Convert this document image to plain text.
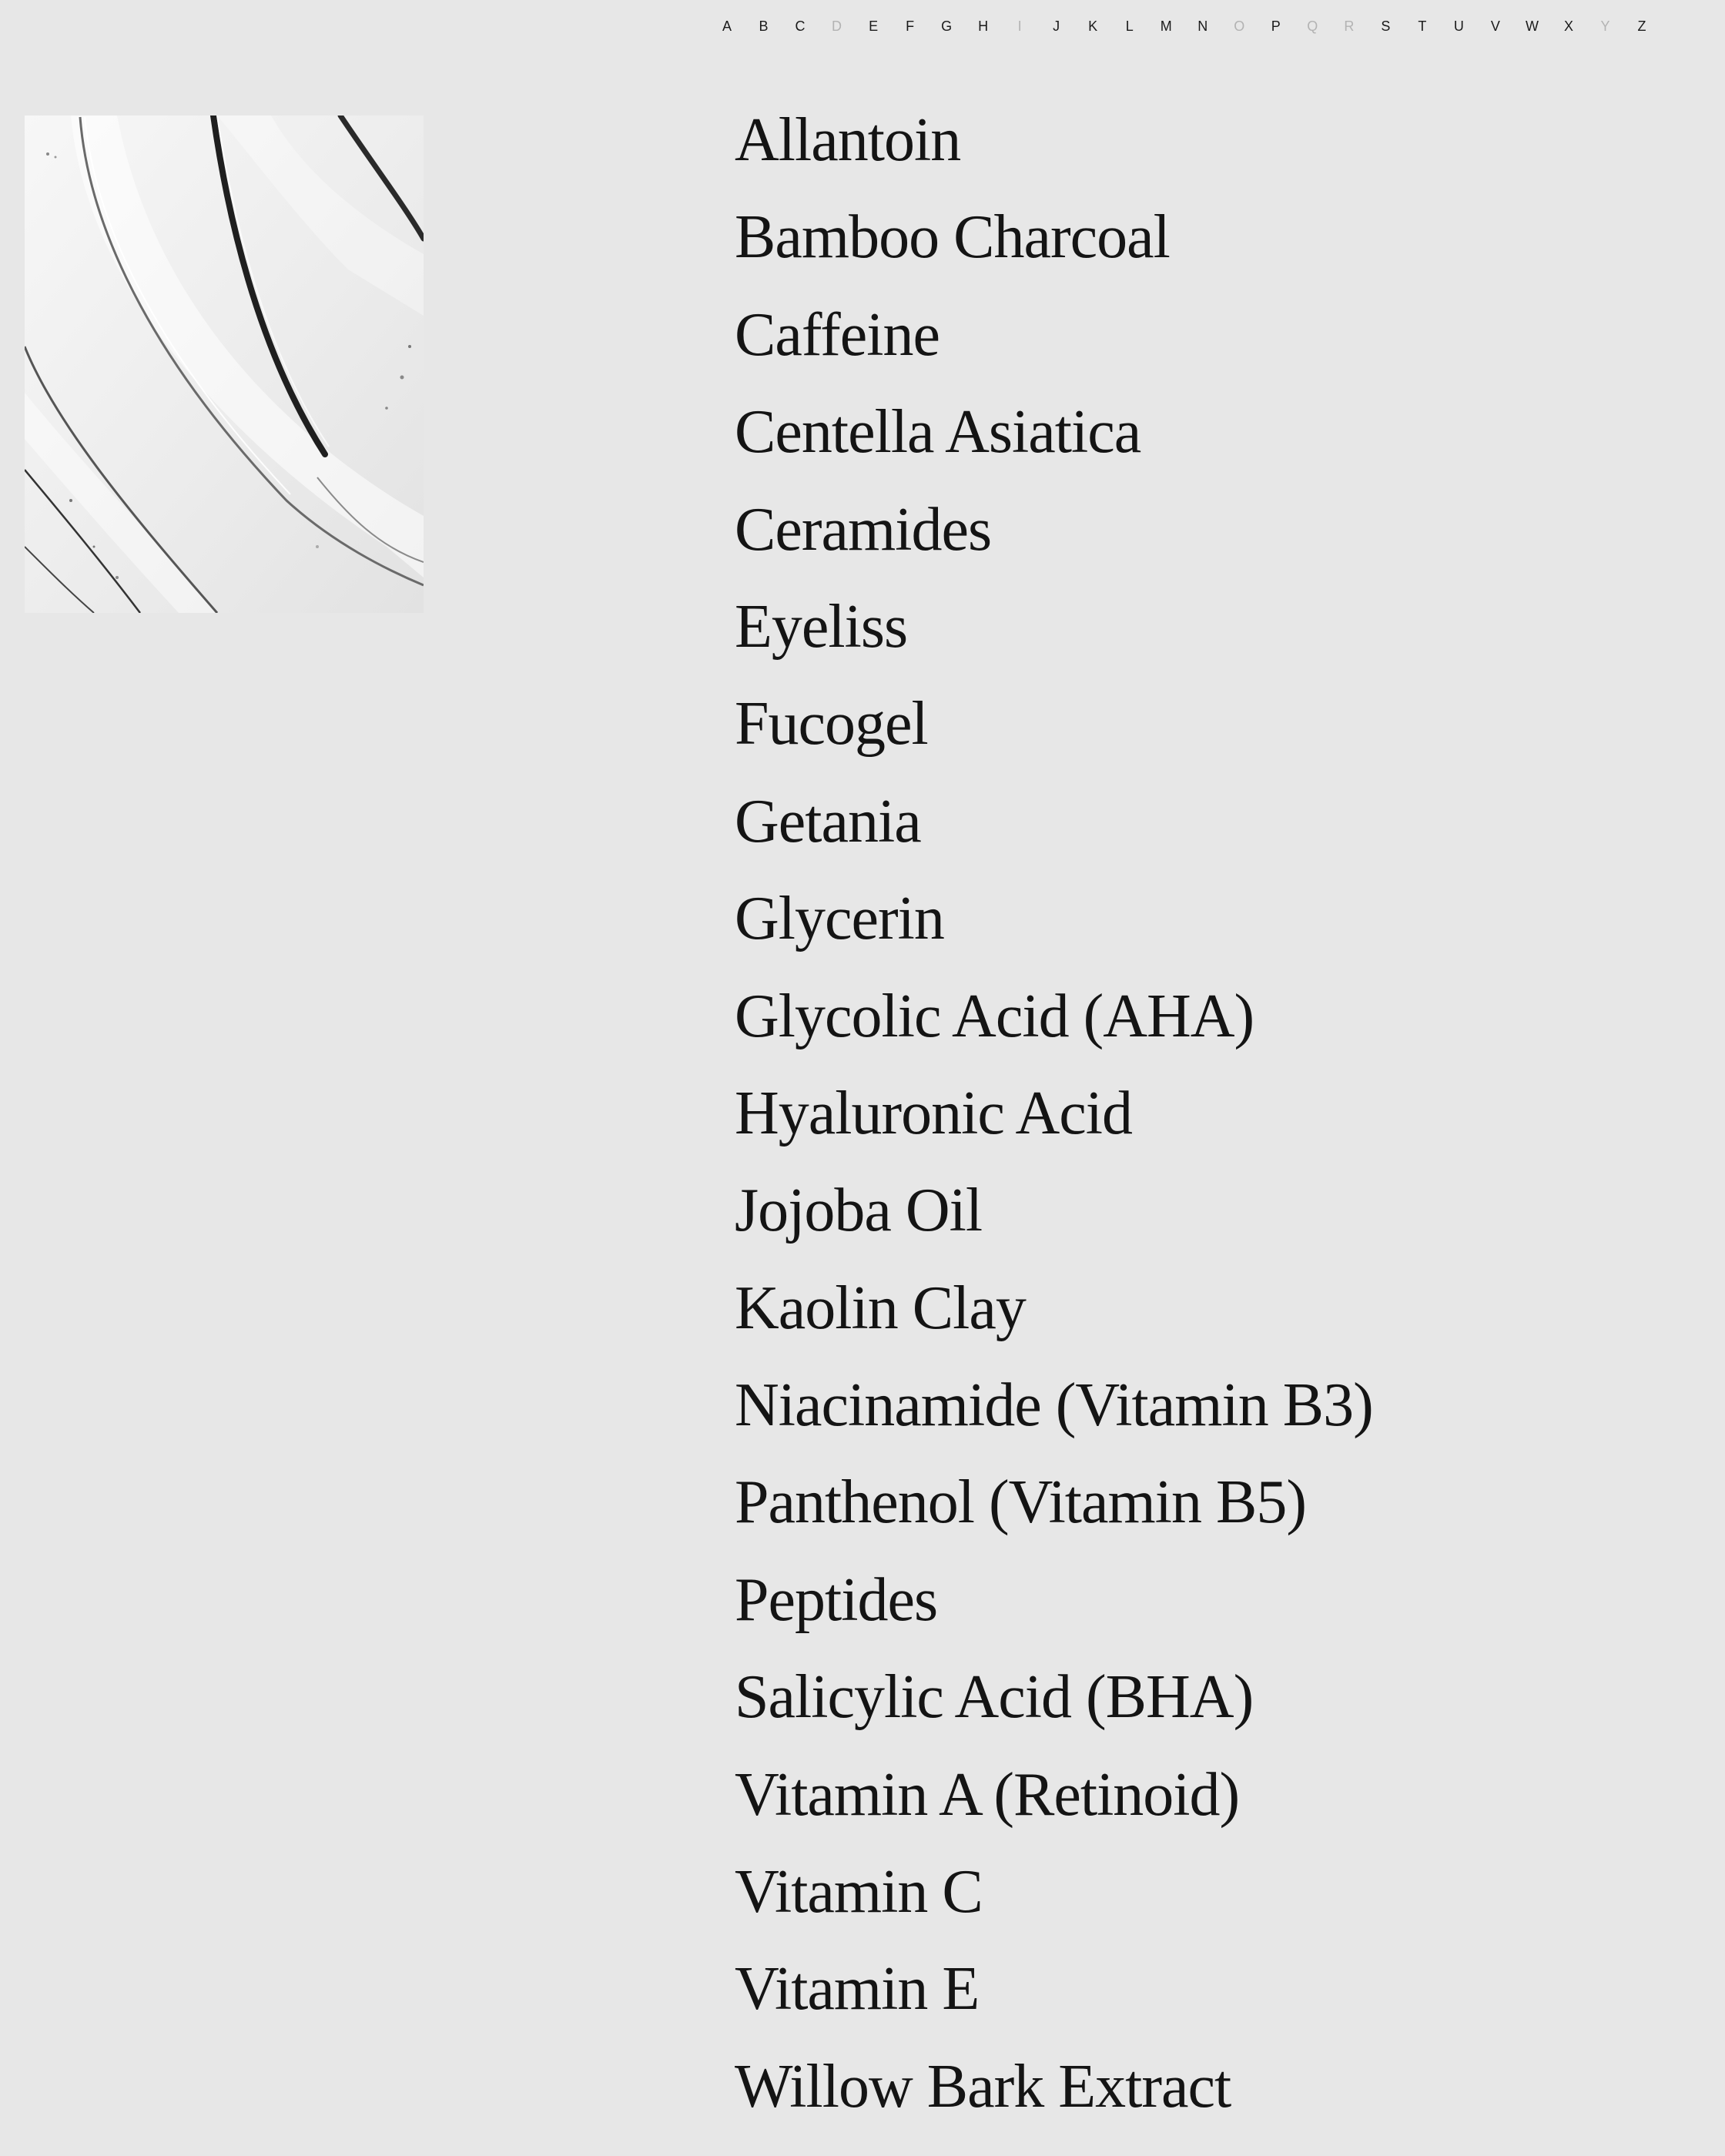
A	B	C	D	E	F	G	H	I	J	K	L	M	N	O	P	Q	R	S	T	U	V	W	X	Y	Z
Allantoin
Bamboo Charcoal
Caffeine
Centella Asiatica
Ceramides
Eyeliss
Fucogel
Getania
Glycerin
Glycolic Acid (AHA)
Hyaluronic Acid
Jojoba Oil
Kaolin Clay
Niacinamide (Vitamin B3)
Panthenol (Vitamin B5)
Peptides
Salicylic Acid (BHA)
Vitamin A (Retinoid)
Vitamin C
Vitamin E
Willow Bark Extract
